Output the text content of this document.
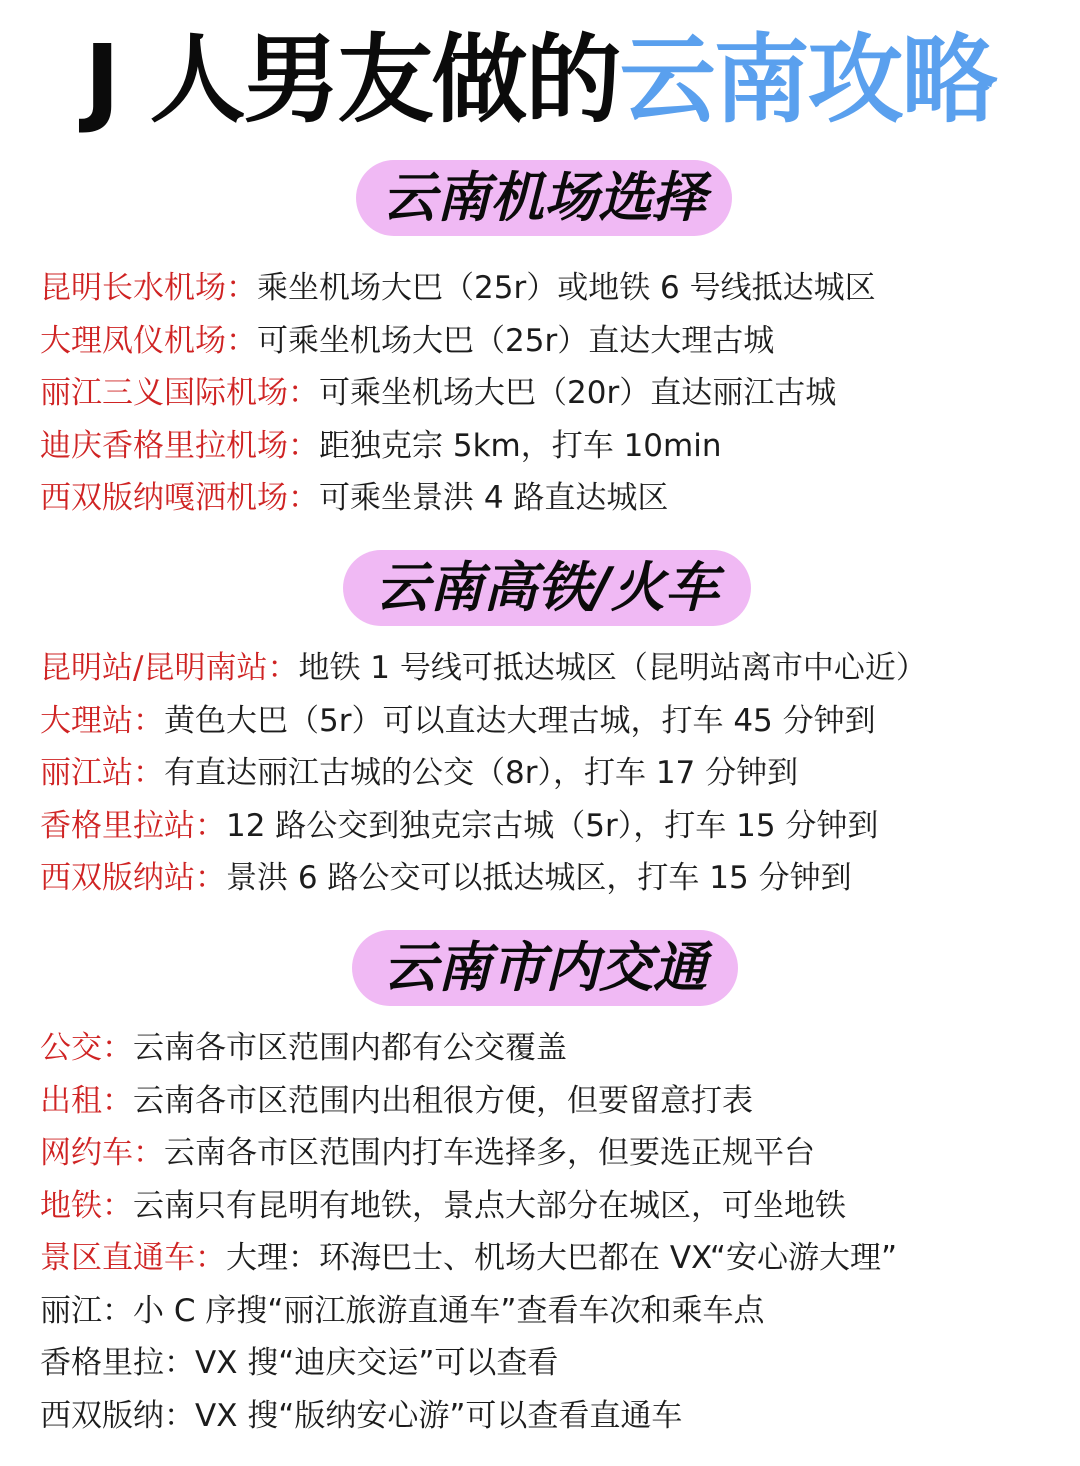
J 人男友做的云南攻略
云南机场选择
昆明长水机场：乘坐机场大巴（25r）或地铁 6 号线抵达城区
大理凤仪机场：可乘坐机场大巴（25r）直达大理古城
丽江三义国际机场：可乘坐机场大巴（20r）直达丽江古城
迪庆香格里拉机场：距独克宗 5km，打车 10min
西双版纳嘎洒机场：可乘坐景洪 4 路直达城区
云南高铁/火车
昆明站/昆明南站：地铁 1 号线可抵达城区（昆明站离市中心近）
大理站：黄色大巴（5r）可以直达大理古城，打车 45 分钟到
丽江站：有直达丽江古城的公交（8r），打车 17 分钟到
香格里拉站：12 路公交到独克宗古城（5r），打车 15 分钟到
西双版纳站：景洪 6 路公交可以抵达城区，打车 15 分钟到
云南市内交通
公交：云南各市区范围内都有公交覆盖
出租：云南各市区范围内出租很方便，但要留意打表
网约车：云南各市区范围内打车选择多，但要选正规平台
地铁：云南只有昆明有地铁，景点大部分在城区，可坐地铁
景区直通车：大理：环海巴士、机场大巴都在 VX“安心游大理”
丽江：小 C 序搜“丽江旅游直通车”查看车次和乘车点
香格里拉：VX 搜“迪庆交运”可以查看
西双版纳：VX 搜“版纳安心游”可以查看直通车
